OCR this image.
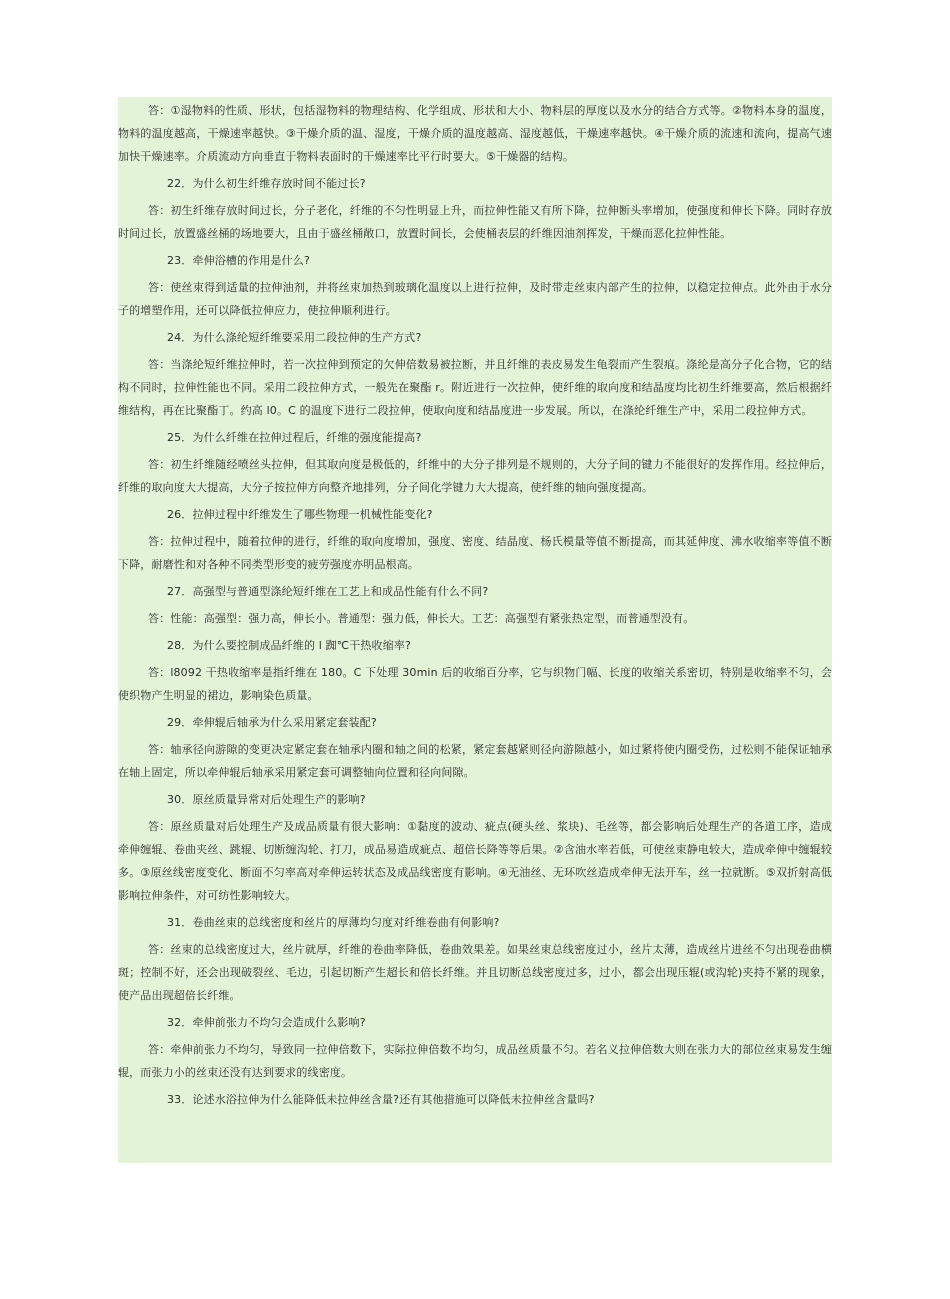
答：①湿物料的性质、形状，包括湿物料的物理结构、化学组成、形状和大小、物料层的厚度以及水分的结合方式等。②物料本身的温度，物料的温度越高，干燥速率越快。③干燥介质的温、湿度，干燥介质的温度越高、湿度越低，干燥速率越快。④干燥介质的流速和流向，提高气速加快干燥速率。介质流动方向垂直于物料表面时的干燥速率比平行时要大。⑤干燥器的结构。

22．为什么初生纤维存放时间不能过长?

答：初生纤维存放时间过长，分子老化，纤维的不匀性明显上升，而拉伸性能又有所下降，拉伸断头率增加，使强度和伸长下降。同时存放时间过长，放置盛丝桶的场地要大，且由于盛丝桶敞口，放置时间长，会使桶表层的纤维因油剂挥发，干燥而恶化拉伸性能。

23．牵伸浴槽的作用是什么?

答：使丝束得到适量的拉伸油剂，并将丝束加热到玻璃化温度以上进行拉伸，及时带走丝束内部产生的拉伸，以稳定拉伸点。此外由于水分子的增塑作用，还可以降低拉伸应力，使拉伸顺利进行。

24．为什么涤纶短纤维要采用二段拉伸的生产方式?

答：当涤纶短纤维拉伸时，若一次拉伸到预定的欠伸倍数易被拉断，并且纤维的表皮易发生龟裂而产生裂痕。涤纶是高分子化合物，它的结构不同时，拉伸性能也不同。采用二段拉伸方式，一般先在聚酯 r。附近进行一次拉伸，使纤维的取向度和结晶度均比初生纤维要高，然后根据纤维结构，再在比聚酯丁。约高 l0。C 的温度下进行二段拉伸，使取向度和结晶度进一步发展。所以，在涤纶纤维生产中，采用二段拉伸方式。

25．为什么纤维在拉伸过程后，纤维的强度能提高?

答：初生纤维随经喷丝头拉伸，但其取向度是极低的，纤维中的大分子排列是不规则的，大分子间的键力不能很好的发挥作用。经拉伸后，纤维的取向度大大提高，大分子按拉伸方向整齐地排列，分子间化学键力大大提高，使纤维的轴向强度提高。

26．拉伸过程中纤维发生了哪些物理一机械性能变化?

答：拉伸过程中，随着拉伸的进行，纤维的取向度增加，强度、密度、结晶度、杨氏模量等值不断提高，而其延伸度、沸水收缩率等值不断下降，耐磨性和对各种不同类型形变的疲劳强度亦明品根高。

27．高强型与普通型涤纶短纤维在工艺上和成品性能有什么不同?

答：性能：高强型：强力高，伸长小。普通型：强力低，伸长大。工艺：高强型有紧张热定型，而普通型没有。

28．为什么要控制成品纤维的 l 踟℃干热收缩率?

答：l8092 干热收缩率是指纤维在 180。C 下处理 30min 后的收缩百分率，它与织物门幅、长度的收缩关系密切，特别是收缩率不匀，会使织物产生明显的裙边，影响染色质量。

29．牵伸辊后轴承为什么采用紧定套装配?

答：轴承径向游隙的变更决定紧定套在轴承内圈和轴之间的松紧，紧定套越紧则径向游隙越小，如过紧将使内圈受伤，过松则不能保证轴承在轴上固定，所以牵伸辊后轴承采用紧定套可调整轴向位置和径向间隙。

30．原丝质量异常对后处理生产的影响?

答：原丝质量对后处理生产及成品质量有很大影响：①黏度的波动、疵点(硬头丝、浆块)、毛丝等，都会影响后处理生产的各道工序，造成牵伸缠辊、卷曲夹丝、跳辊、切断缠沟轮、打刀，成品易造成疵点、超倍长降等等后果。②含油水率若低，可使丝束静电较大，造成牵伸中缠辊较多。③原丝线密度变化、断面不匀率高对牵伸运转状态及成品线密度有影响。④无油丝、无环吹丝造成牵伸无法开车，丝一拉就断。⑤双折射高低影响拉伸条件，对可纺性影响较大。

31．卷曲丝束的总线密度和丝片的厚薄均匀度对纤维卷曲有何影响?

答：丝束的总线密度过大，丝片就厚，纤维的卷曲率降低，卷曲效果差。如果丝束总线密度过小，丝片太薄，造成丝片进丝不匀出现卷曲横斑；控制不好，还会出现破裂丝、毛边，引起切断产生超长和倍长纤维。并且切断总线密度过多，过小，都会出现压辊(或沟轮)夹持不紧的现象，使产品出现超倍长纤维。

32．牵伸前张力不均匀会造成什么影响?

答：牵伸前张力不均匀，导致同一拉伸倍数下，实际拉伸倍数不均匀，成品丝质量不匀。若名义拉伸倍数大则在张力大的部位丝束易发生缠辊，而张力小的丝束还没有达到要求的线密度。

33．论述水浴拉伸为什么能降低未拉伸丝含量?还有其他措施可以降低未拉伸丝含量吗?
